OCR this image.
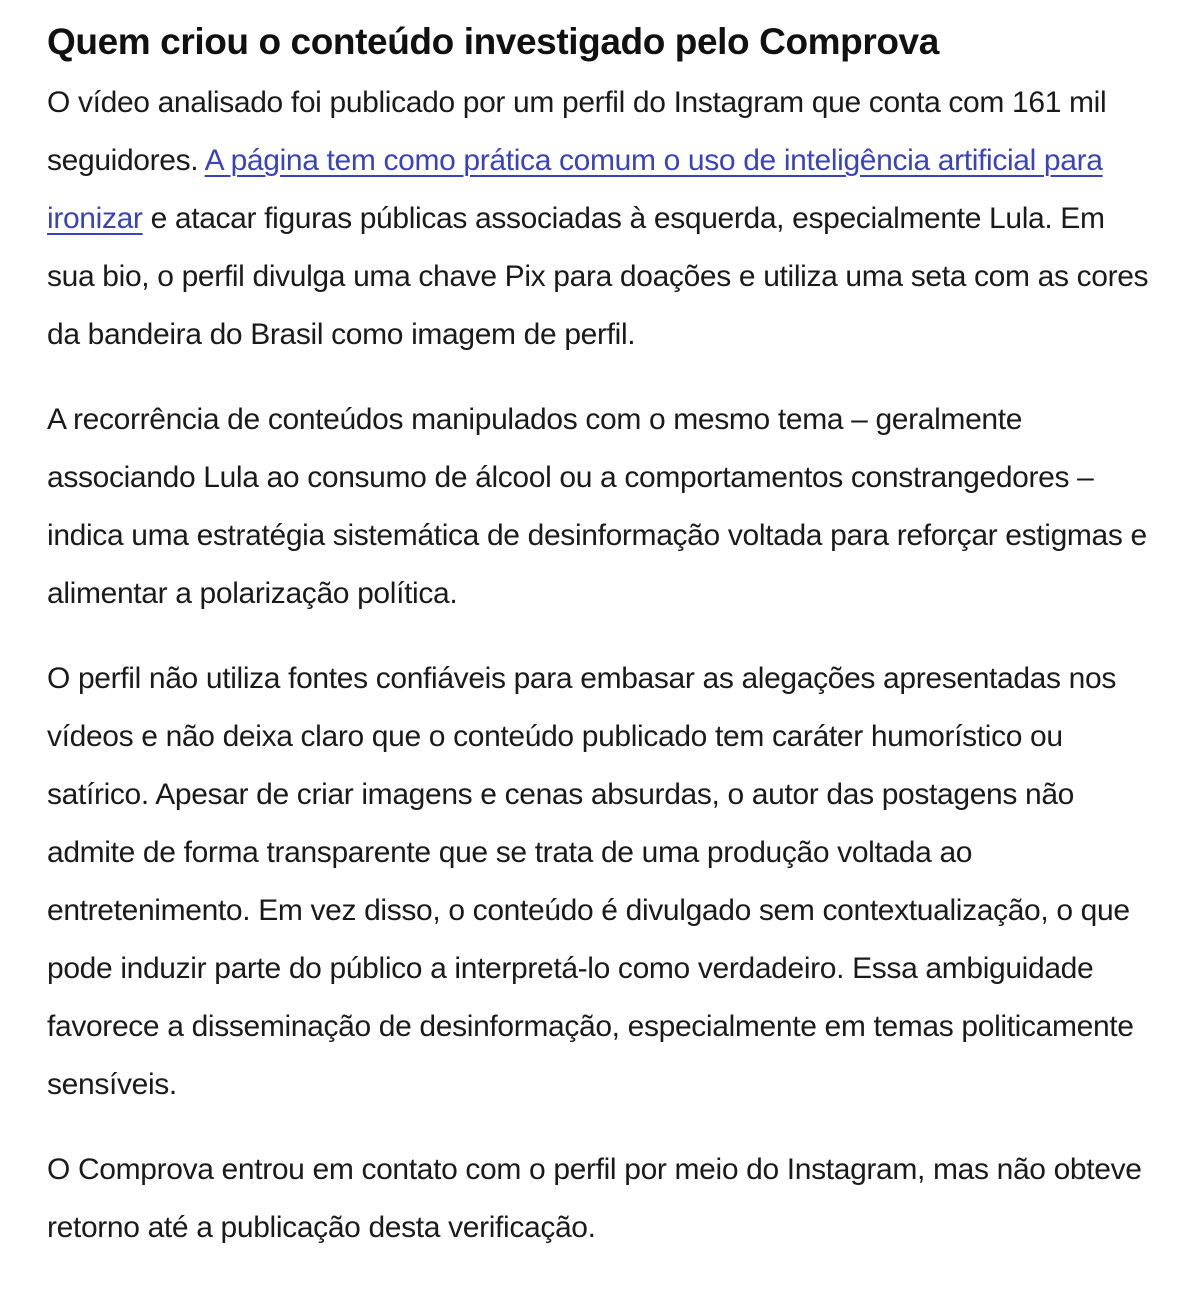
Quem criou o conteúdo investigado pelo Comprova

O vídeo analisado foi publicado por um perfil do Instagram que conta com 161 mil seguidores. A página tem como prática comum o uso de inteligência artificial para ironizar e atacar figuras públicas associadas à esquerda, especialmente Lula. Em sua bio, o perfil divulga uma chave Pix para doações e utiliza uma seta com as cores da bandeira do Brasil como imagem de perfil.

A recorrência de conteúdos manipulados com o mesmo tema – geralmente associando Lula ao consumo de álcool ou a comportamentos constrangedores – indica uma estratégia sistemática de desinformação voltada para reforçar estigmas e alimentar a polarização política.

O perfil não utiliza fontes confiáveis para embasar as alegações apresentadas nos vídeos e não deixa claro que o conteúdo publicado tem caráter humorístico ou satírico. Apesar de criar imagens e cenas absurdas, o autor das postagens não admite de forma transparente que se trata de uma produção voltada ao entretenimento. Em vez disso, o conteúdo é divulgado sem contextualização, o que pode induzir parte do público a interpretá-lo como verdadeiro. Essa ambiguidade favorece a disseminação de desinformação, especialmente em temas politicamente sensíveis.

O Comprova entrou em contato com o perfil por meio do Instagram, mas não obteve retorno até a publicação desta verificação.
